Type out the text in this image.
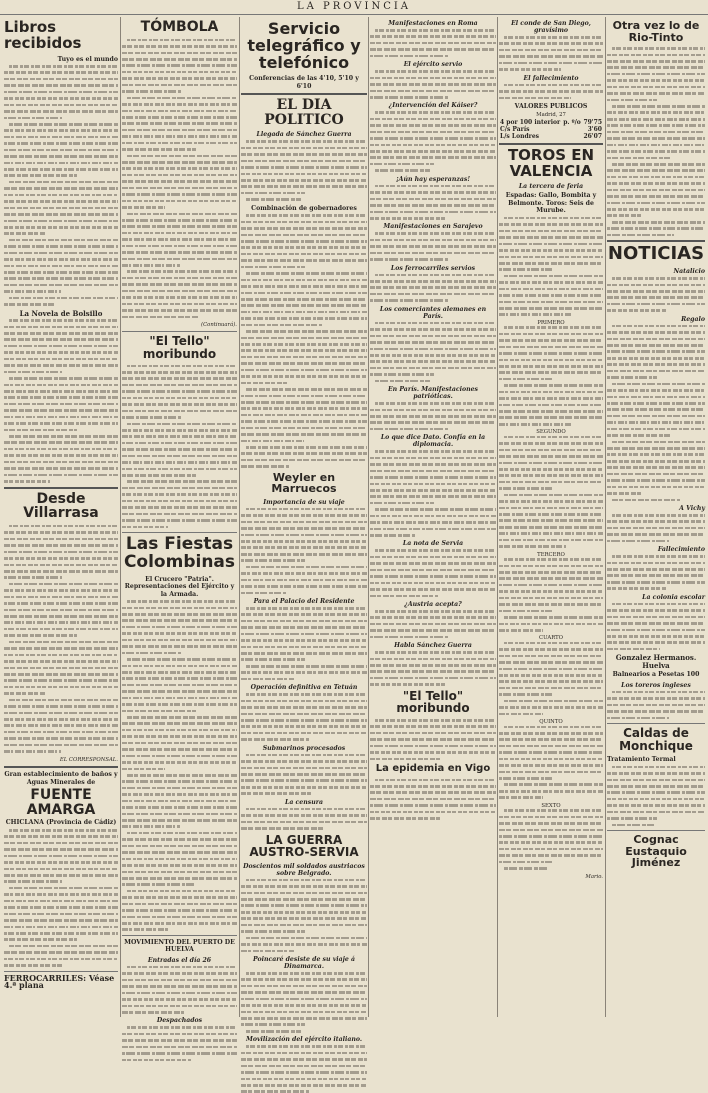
LA PROVINCIA
Libros recibidos
Tuyo es el mundo
La Novela de Bolsillo
Desde Villarrasa
EL CORRESPONSAL.
Gran establecimiento de baños y Aguas Minerales de
FUENTE AMARGA
CHICLANA (Provincia de Cádiz)
FERROCARRILES: Véase 4.ª plana
TÓMBOLA
(Continuará).
"El Tello" moribundo
Las Fiestas Colombinas
El Crucero "Patria". Representaciones del Ejército y la Armada.
MOVIMIENTO DEL PUERTO DE HUELVA
Entradas el día 26
Despachados
Servicio telegráfico y telefónico
Conferencias de las 4'10, 5'10 y 6'10
EL DIA POLITICO
Llegada de Sánchez Guerra
Combinación de gobernadores
Weyler en Marruecos
Importancia de su viaje
Para el Palacio del Residente
Operación definitiva en Tetuán
Submarinos procesados
La censura
LA GUERRA AUSTRO-SERVIA
Doscientos mil soldados austriacos sobre Belgrado.
Poincaré desiste de su viaje á Dinamarca.
Movilización del ejército italiano.
Manifestaciones en Roma
El ejército servio
¿Intervención del Káiser?
¡Aún hay esperanzas!
Manifestaciones en Sarajevo
Los ferrocarriles servios
Los comerciantes alemanes en París.
En París. Manifestaciones patrióticas.
Lo que dice Dato. Confía en la diplomacia.
La nota de Servia
¿Austria acepta?
Habla Sánchez Guerra
"El Tello" moribundo
La epidemia en Vigo
El conde de San Diego, gravísimo
El fallecimiento
VALORES PUBLICOS
Madrid, 27
4 por 100 interior	p. º/o	79'75
C/s París		3'60
L/s Londres		26'07
TOROS EN VALENCIA
La tercera de feria
Espadas: Gallo, Bombita y Belmonte. Toros: Seis de Murube.
PRIMERO
SEGUNDO
TERCERO
CUARTO
QUINTO
SEXTO
Mario.
Otra vez lo de Rio-Tinto
NOTICIAS
Natalicio
Regalo
A Vichy
Fallecimiento
La colonia escolar
Gonzalez Hermanos. Huelva
Balnearios a Pesetas 100
Los toreros ingleses
Caldas de Monchique
Tratamiento Termal
Cognac Eustaquio Jiménez
